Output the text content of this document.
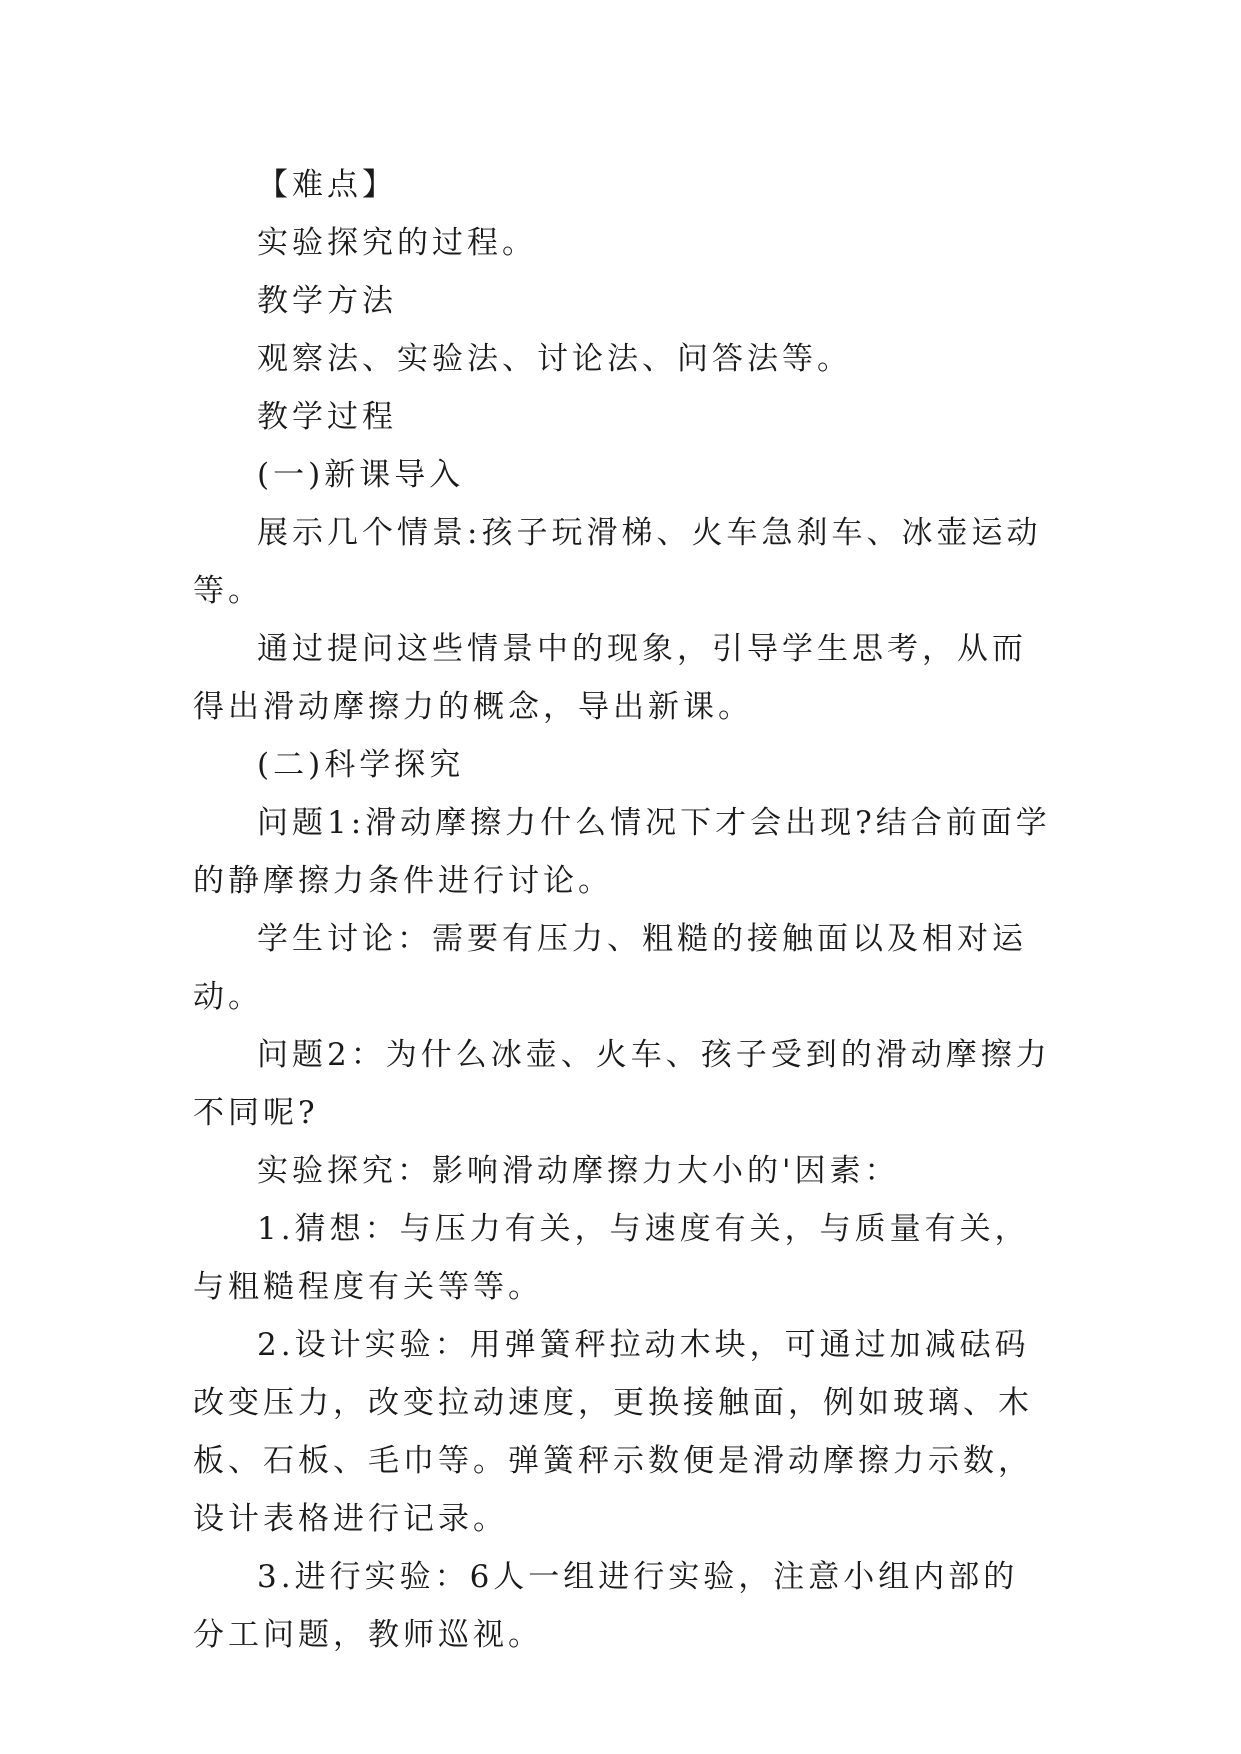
【难点】

实验探究的过程。

教学方法

观察法、实验法、讨论法、问答法等。

教学过程

(一)新课导入

展示几个情景:孩子玩滑梯、火车急刹车、冰壶运动等。

通过提问这些情景中的现象，引导学生思考，从而得出滑动摩擦力的概念，导出新课。

(二)科学探究

问题1:滑动摩擦力什么情况下才会出现?结合前面学的静摩擦力条件进行讨论。

学生讨论：需要有压力、粗糙的接触面以及相对运动。

问题2：为什么冰壶、火车、孩子受到的滑动摩擦力不同呢?

实验探究：影响滑动摩擦力大小的'因素：

1.猜想：与压力有关，与速度有关，与质量有关，与粗糙程度有关等等。

2.设计实验：用弹簧秤拉动木块，可通过加减砝码改变压力，改变拉动速度，更换接触面，例如玻璃、木板、石板、毛巾等。弹簧秤示数便是滑动摩擦力示数，设计表格进行记录。

3.进行实验：6人一组进行实验，注意小组内部的分工问题，教师巡视。
